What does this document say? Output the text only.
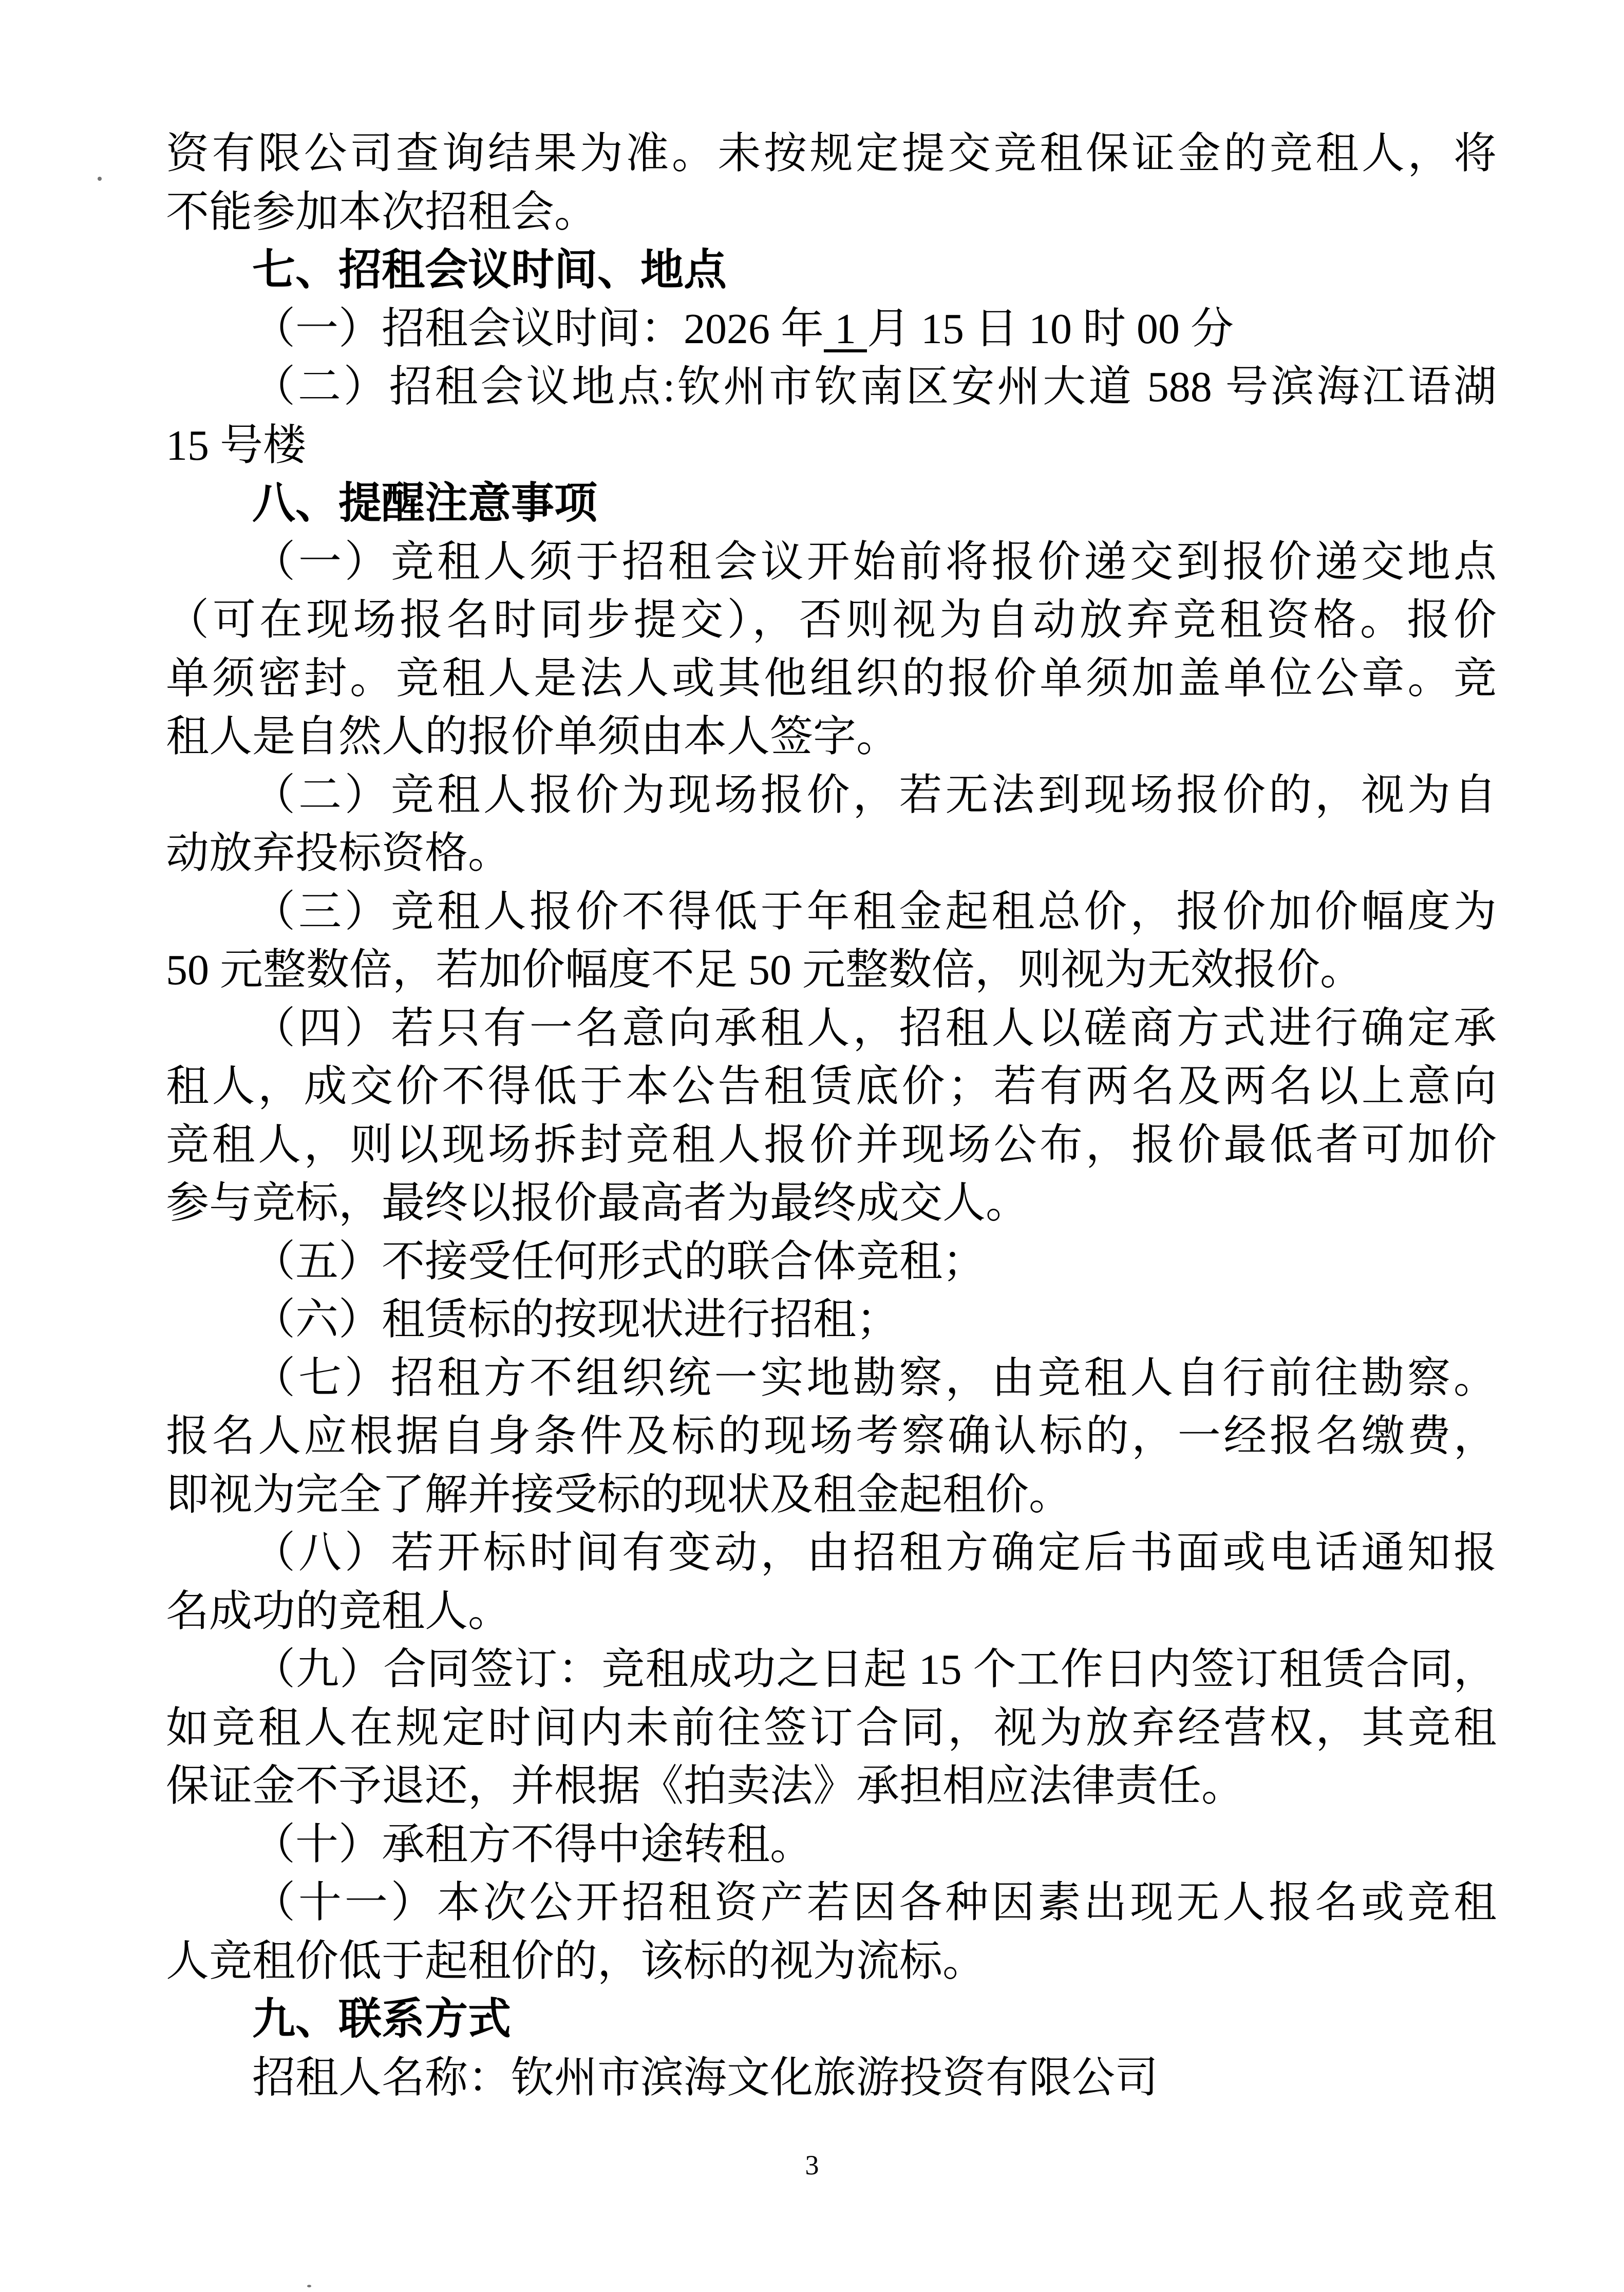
资有限公司查询结果为准。未按规定提交竞租保证金的竞租人，将
不能参加本次招租会。
七、招租会议时间、地点
（一）招租会议时间：2026 年 1 月 15 日 10 时 00 分
（二）招租会议地点:钦州市钦南区安州大道 588 号滨海江语湖
15 号楼
八、提醒注意事项
（一）竞租人须于招租会议开始前将报价递交到报价递交地点
（可在现场报名时同步提交），否则视为自动放弃竞租资格。报价
单须密封。竞租人是法人或其他组织的报价单须加盖单位公章。竞
租人是自然人的报价单须由本人签字。
（二）竞租人报价为现场报价，若无法到现场报价的，视为自
动放弃投标资格。
（三）竞租人报价不得低于年租金起租总价，报价加价幅度为
50 元整数倍，若加价幅度不足 50 元整数倍，则视为无效报价。
（四）若只有一名意向承租人，招租人以磋商方式进行确定承
租人，成交价不得低于本公告租赁底价；若有两名及两名以上意向
竞租人，则以现场拆封竞租人报价并现场公布，报价最低者可加价
参与竞标，最终以报价最高者为最终成交人。
（五）不接受任何形式的联合体竞租；
（六）租赁标的按现状进行招租；
（七）招租方不组织统一实地勘察，由竞租人自行前往勘察。
报名人应根据自身条件及标的现场考察确认标的，一经报名缴费，
即视为完全了解并接受标的现状及租金起租价。
（八）若开标时间有变动，由招租方确定后书面或电话通知报
名成功的竞租人。
（九）合同签订：竞租成功之日起 15 个工作日内签订租赁合同，
如竞租人在规定时间内未前往签订合同，视为放弃经营权，其竞租
保证金不予退还，并根据《拍卖法》承担相应法律责任。
（十）承租方不得中途转租。
（十一）本次公开招租资产若因各种因素出现无人报名或竞租
人竞租价低于起租价的，该标的视为流标。
九、联系方式
招租人名称：钦州市滨海文化旅游投资有限公司
3
